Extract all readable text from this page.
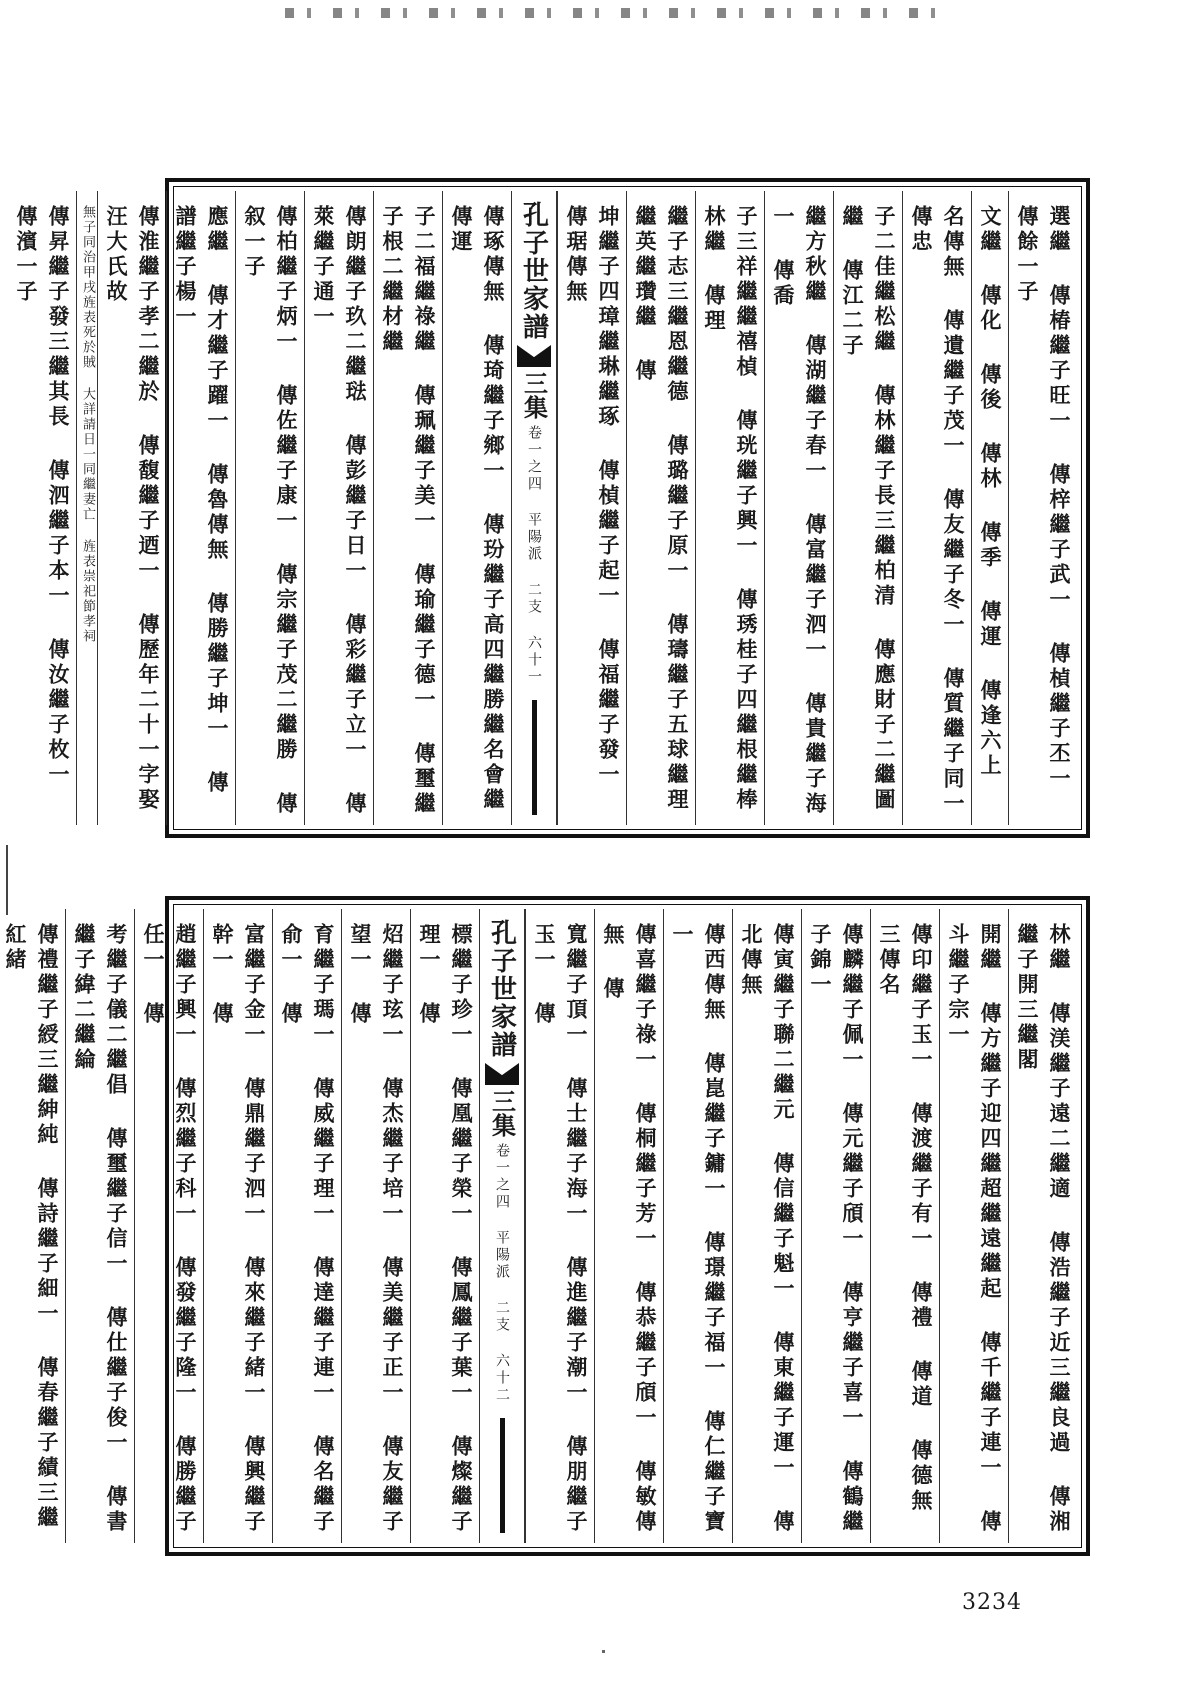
選繼 傳椿繼子旺一 傳梓繼子武一 傳楨繼子丕一 傳餘一子
文繼 傳化 傳後 傳林 傳季 傳運 傳逢六上
名傳無 傳遺繼子茂一 傳友繼子冬一 傳質繼子同一 傳忠
子二佳繼松繼 傳林繼子長三繼柏清 傳應財子二繼圖繼 傳江二子
繼方秋繼 傳湖繼子春一 傳富繼子泗一 傳貴繼子海一 傳喬
子三祥繼繼禧楨 傳珖繼子興一 傳琇桂子四繼根繼棒林繼 傳理
繼子志三繼恩繼德 傳璐繼子原一 傳璹繼子五球繼理繼英繼瓚繼 傳
坤繼子四璋繼琳繼琢 傳楨繼子起一 傳福繼子發一 傳琚傳無
孔子世家譜
三集
卷一之四 平陽派 二支 六十一
傳琢傳無 傳琦繼子鄉一 傳玢繼子高四繼勝繼名會繼 傳運
子二福繼祿繼 傳珮繼子美一 傳瑜繼子德一 傳璽繼子根二繼材繼
傳朗繼子玖二繼琺 傳彭繼子日一 傳彩繼子立一 傳萊繼子通一
傳柏繼子炳一 傳佐繼子康一 傳宗繼子茂二繼勝 傳叙一子
應繼 傳才繼子躍一 傳魯傳無 傳勝繼子坤一 傳譜繼子楊一
傳淮繼子孝二繼於 傳馥繼子迺一 傳歷年二十一字娶汪大氏故
無子同治甲戌旌表死於賊 大詳請日一同繼妻亡 旌表崇祀節孝祠
傳昇繼子發三繼其長 傳泗繼子本一 傳汝繼子枚一 傳濱一子
林繼 傳渼繼子遠二繼適 傳浩繼子近三繼良過 傳湘繼子開三繼閣
開繼 傳方繼子迎四繼超繼遠繼起 傳千繼子連一 傳斗繼子宗一
傳印繼子玉一 傳渡繼子有一 傳禮 傳道 傳德無三傳名
傳麟繼子佩一 傳元繼子頎一 傳亨繼子喜一 傳鶴繼子錦一
傳寅繼子聯二繼元 傳信繼子魁一 傳東繼子運一 傳北傳無
傳西傳無 傳崑繼子鏞一 傳璟繼子福一 傳仁繼子寶一
傳喜繼子祿一 傳桐繼子芳一 傳恭繼子頎一 傳敏傳無 傳
寬繼子頂一 傳士繼子海一 傳進繼子潮一 傳朋繼子玉一 傳
孔子世家譜
三集
卷一之四 平陽派 二支 六十二
標繼子珍一 傳凰繼子榮一 傳鳳繼子葉一 傳燦繼子理一 傳
炤繼子玹一 傳杰繼子培一 傳美繼子正一 傳友繼子望一 傳
育繼子瑪一 傳威繼子理一 傳達繼子連一 傳名繼子俞一 傳
富繼子金一 傳鼎繼子泗一 傳來繼子緒一 傳興繼子幹一 傳
趙繼子興一 傳烈繼子科一 傳發繼子隆一 傳勝繼子任一 傳
考繼子儀二繼倡 傳璽繼子信一 傳仕繼子俊一 傳書繼子緯二繼綸
傳禮繼子綬三繼紳純 傳詩繼子細一 傳春繼子績三繼紅緒
3234
